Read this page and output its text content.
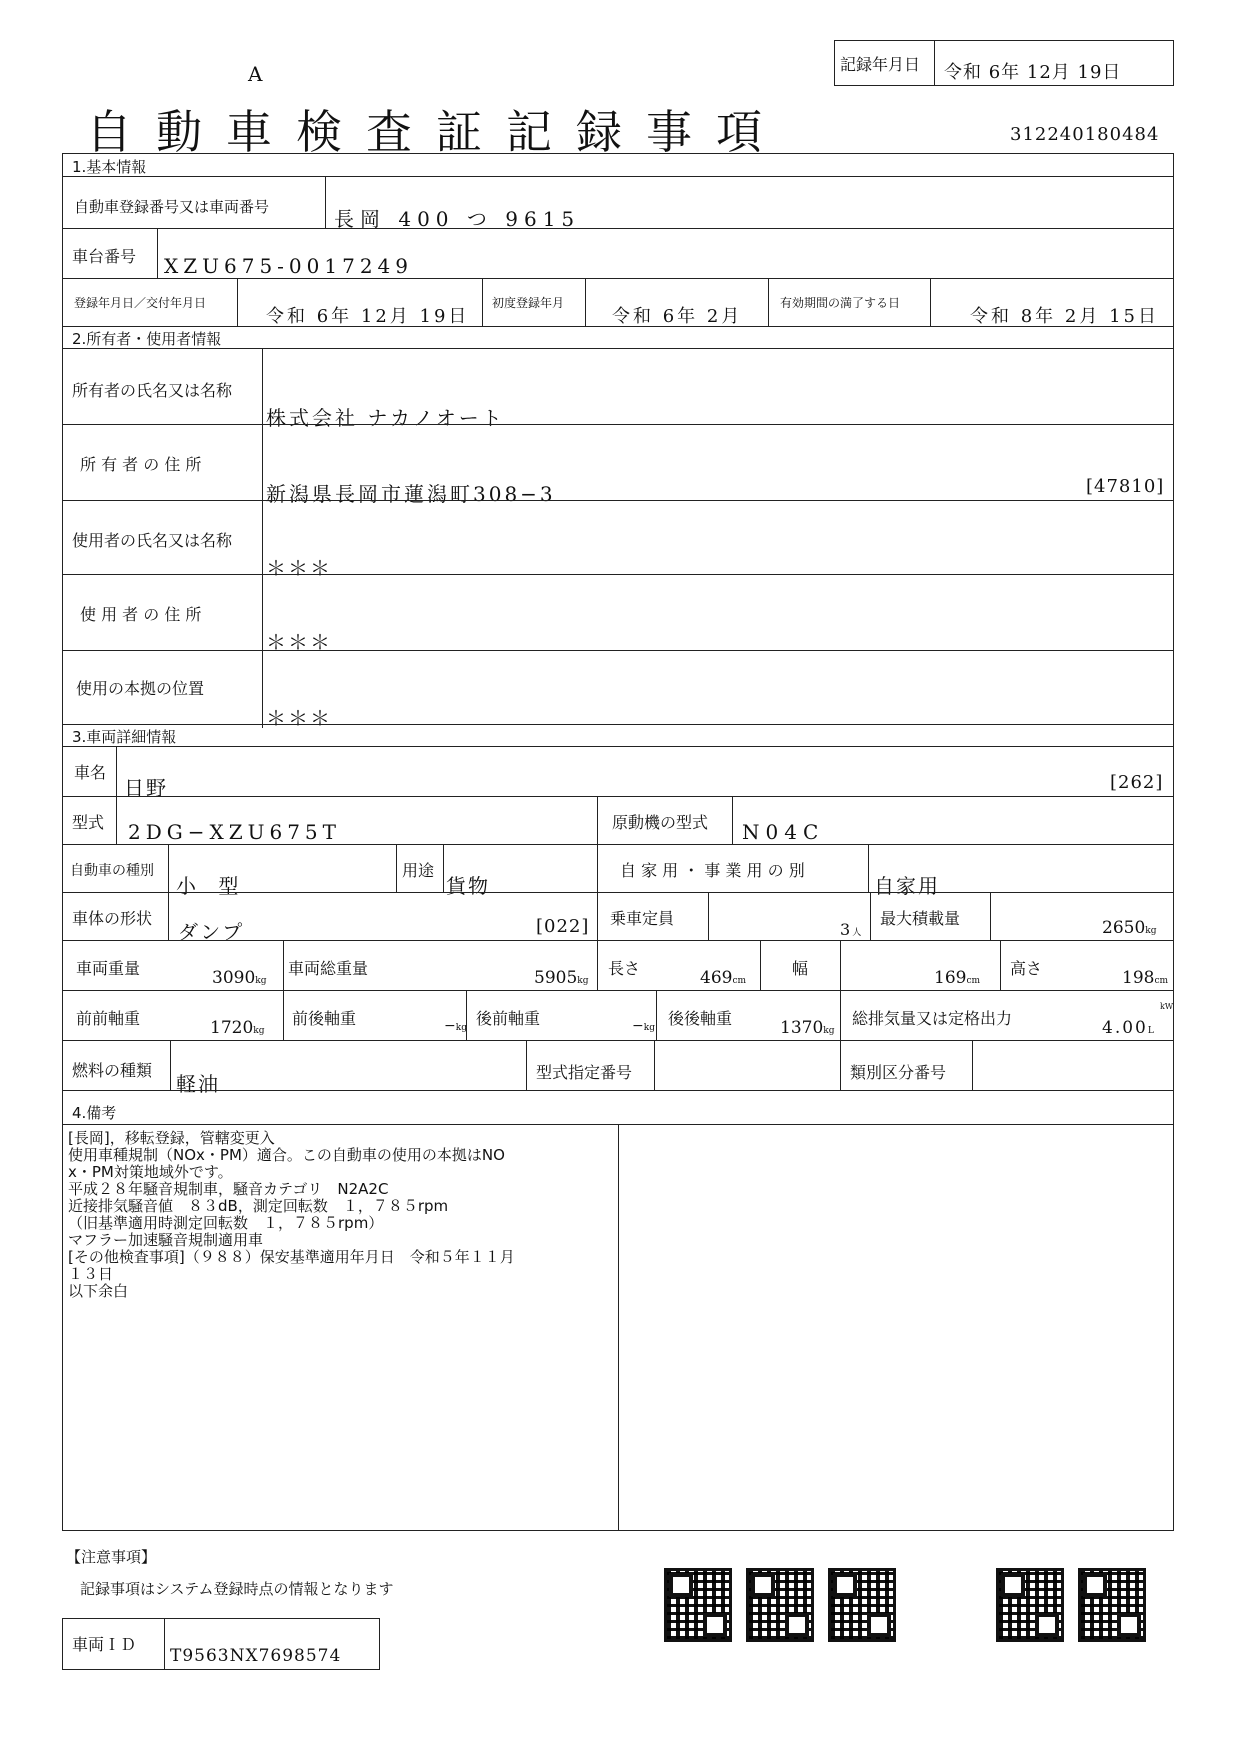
A	記録年月日 令和 6年 12月 19日
自動車検査証記録事項	312240180484
1.基本情報
自動車登録番号又は車両番号	長岡 400 つ 9615
車台番号 XZU675-0017249
登録年月日／交付年月日
令和 6年 12月 19日
初度登録年月
令和 6年 2月
有効期間の満了する日
令和 8年 2月 15日
2.所有者・使用者情報
所有者の氏名又は名称
株式会社 ナカノオート
所 有 者 の 住 所
新潟県長岡市蓮潟町308−3	[47810]
使用者の氏名又は名称
＊＊＊
使 用 者 の 住 所
＊＊＊
使用の本拠の位置
＊＊＊
3.車両詳細情報
車名
日野	[262]
型式 2DG−XZU675T	原動機の型式 N04C
自動車の種別
小 型
用途
貨物
自 家 用 ・ 事 業 用 の 別
自家用
車体の形状
ダンプ	[022] 乗車定員
3人
最大積載量	2650kg
車両重量	3090kg
車両総重量	5905kg
長さ	469cm
幅	169cm
高さ	198cm
前前軸重	1720kg
前後軸重	−kg 後前軸重	−kg 後後軸重	1370kg
総排気量又は定格出力
kW
4.00L
燃料の種類
軽油	型式指定番号	類別区分番号
4.備考
[長岡]，移転登録，管轄変更入
使用車種規制（NOx・PM）適合。この自動車の使用の本拠はNO
x・PM対策地域外です。
平成２８年騒音規制車，騒音カテゴリ　N2A2C
近接排気騒音値　８３dB，測定回転数　１，７８５rpm
（旧基準適用時測定回転数　１，７８５rpm）
マフラー加速騒音規制適用車
[その他検査事項]（９８８）保安基準適用年月日　令和５年１１月
１３日
以下余白
【注意事項】
記録事項はシステム登録時点の情報となります
車両ＩＤ
T9563NX7698574
